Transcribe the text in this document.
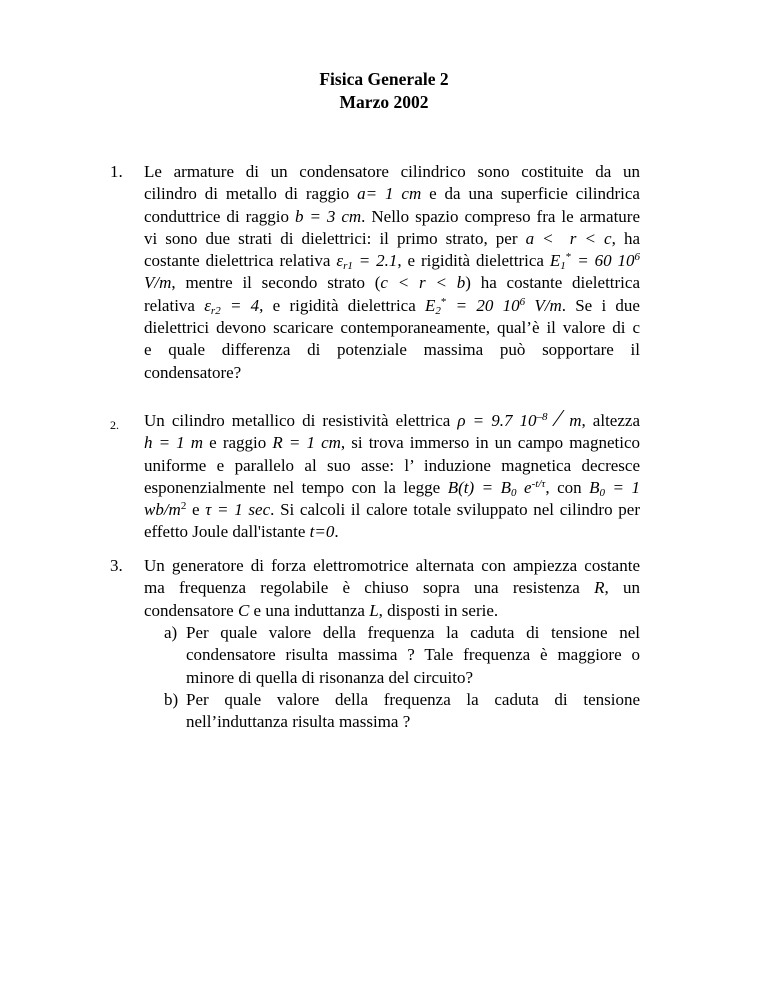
Fisica Generale 2
Marzo 2002
1. Le armature di un condensatore cilindrico sono costituite da un
cilindro di metallo di raggio a= 1 cm e da una superficie cilindrica
conduttrice di raggio b = 3 cm. Nello spazio compreso fra le armature
vi sono due strati di dielettrici: il primo strato, per a <  r < c, ha
costante dielettrica relativa $\varepsilon_{r1} = 2.1$, e rigidità dielettrica $E_1^* = 60$ $10^6$
V/m, mentre il secondo strato (c < r < b) ha costante dielettrica
relativa $\varepsilon_{r2} = 4$, e rigidità dielettrica $E_2^* = 20$ $10^6$ V/m. Se i due
dielettrici devono scaricare contemporaneamente, qual’è il valore di c
e quale differenza di potenziale massima può sopportare il
condensatore?
2. Un cilindro metallico di resistività elettrica ρ = 9.7 $10^{-8}$ ⁄ m, altezza
h = 1 m e raggio R = 1 cm, si trova immerso in un campo magnetico
uniforme e parallelo al suo asse: l’ induzione magnetica decresce
esponenzialmente nel tempo con la legge $B(t) = B_0$ $e^{-t/\tau}$, con $B_0 = 1$
$wb/m^2$ e τ = 1 sec. Si calcoli il calore totale sviluppato nel cilindro per
effetto Joule dall'istante t=0.
3. Un generatore di forza elettromotrice alternata con ampiezza costante
ma frequenza regolabile è chiuso sopra una resistenza R, un
condensatore C e una induttanza L, disposti in serie.
a) Per quale valore della frequenza la caduta di tensione nel
condensatore risulta massima ? Tale frequenza è maggiore o
minore di quella di risonanza del circuito?
b) Per quale valore della frequenza la caduta di tensione
nell’induttanza risulta massima ?
